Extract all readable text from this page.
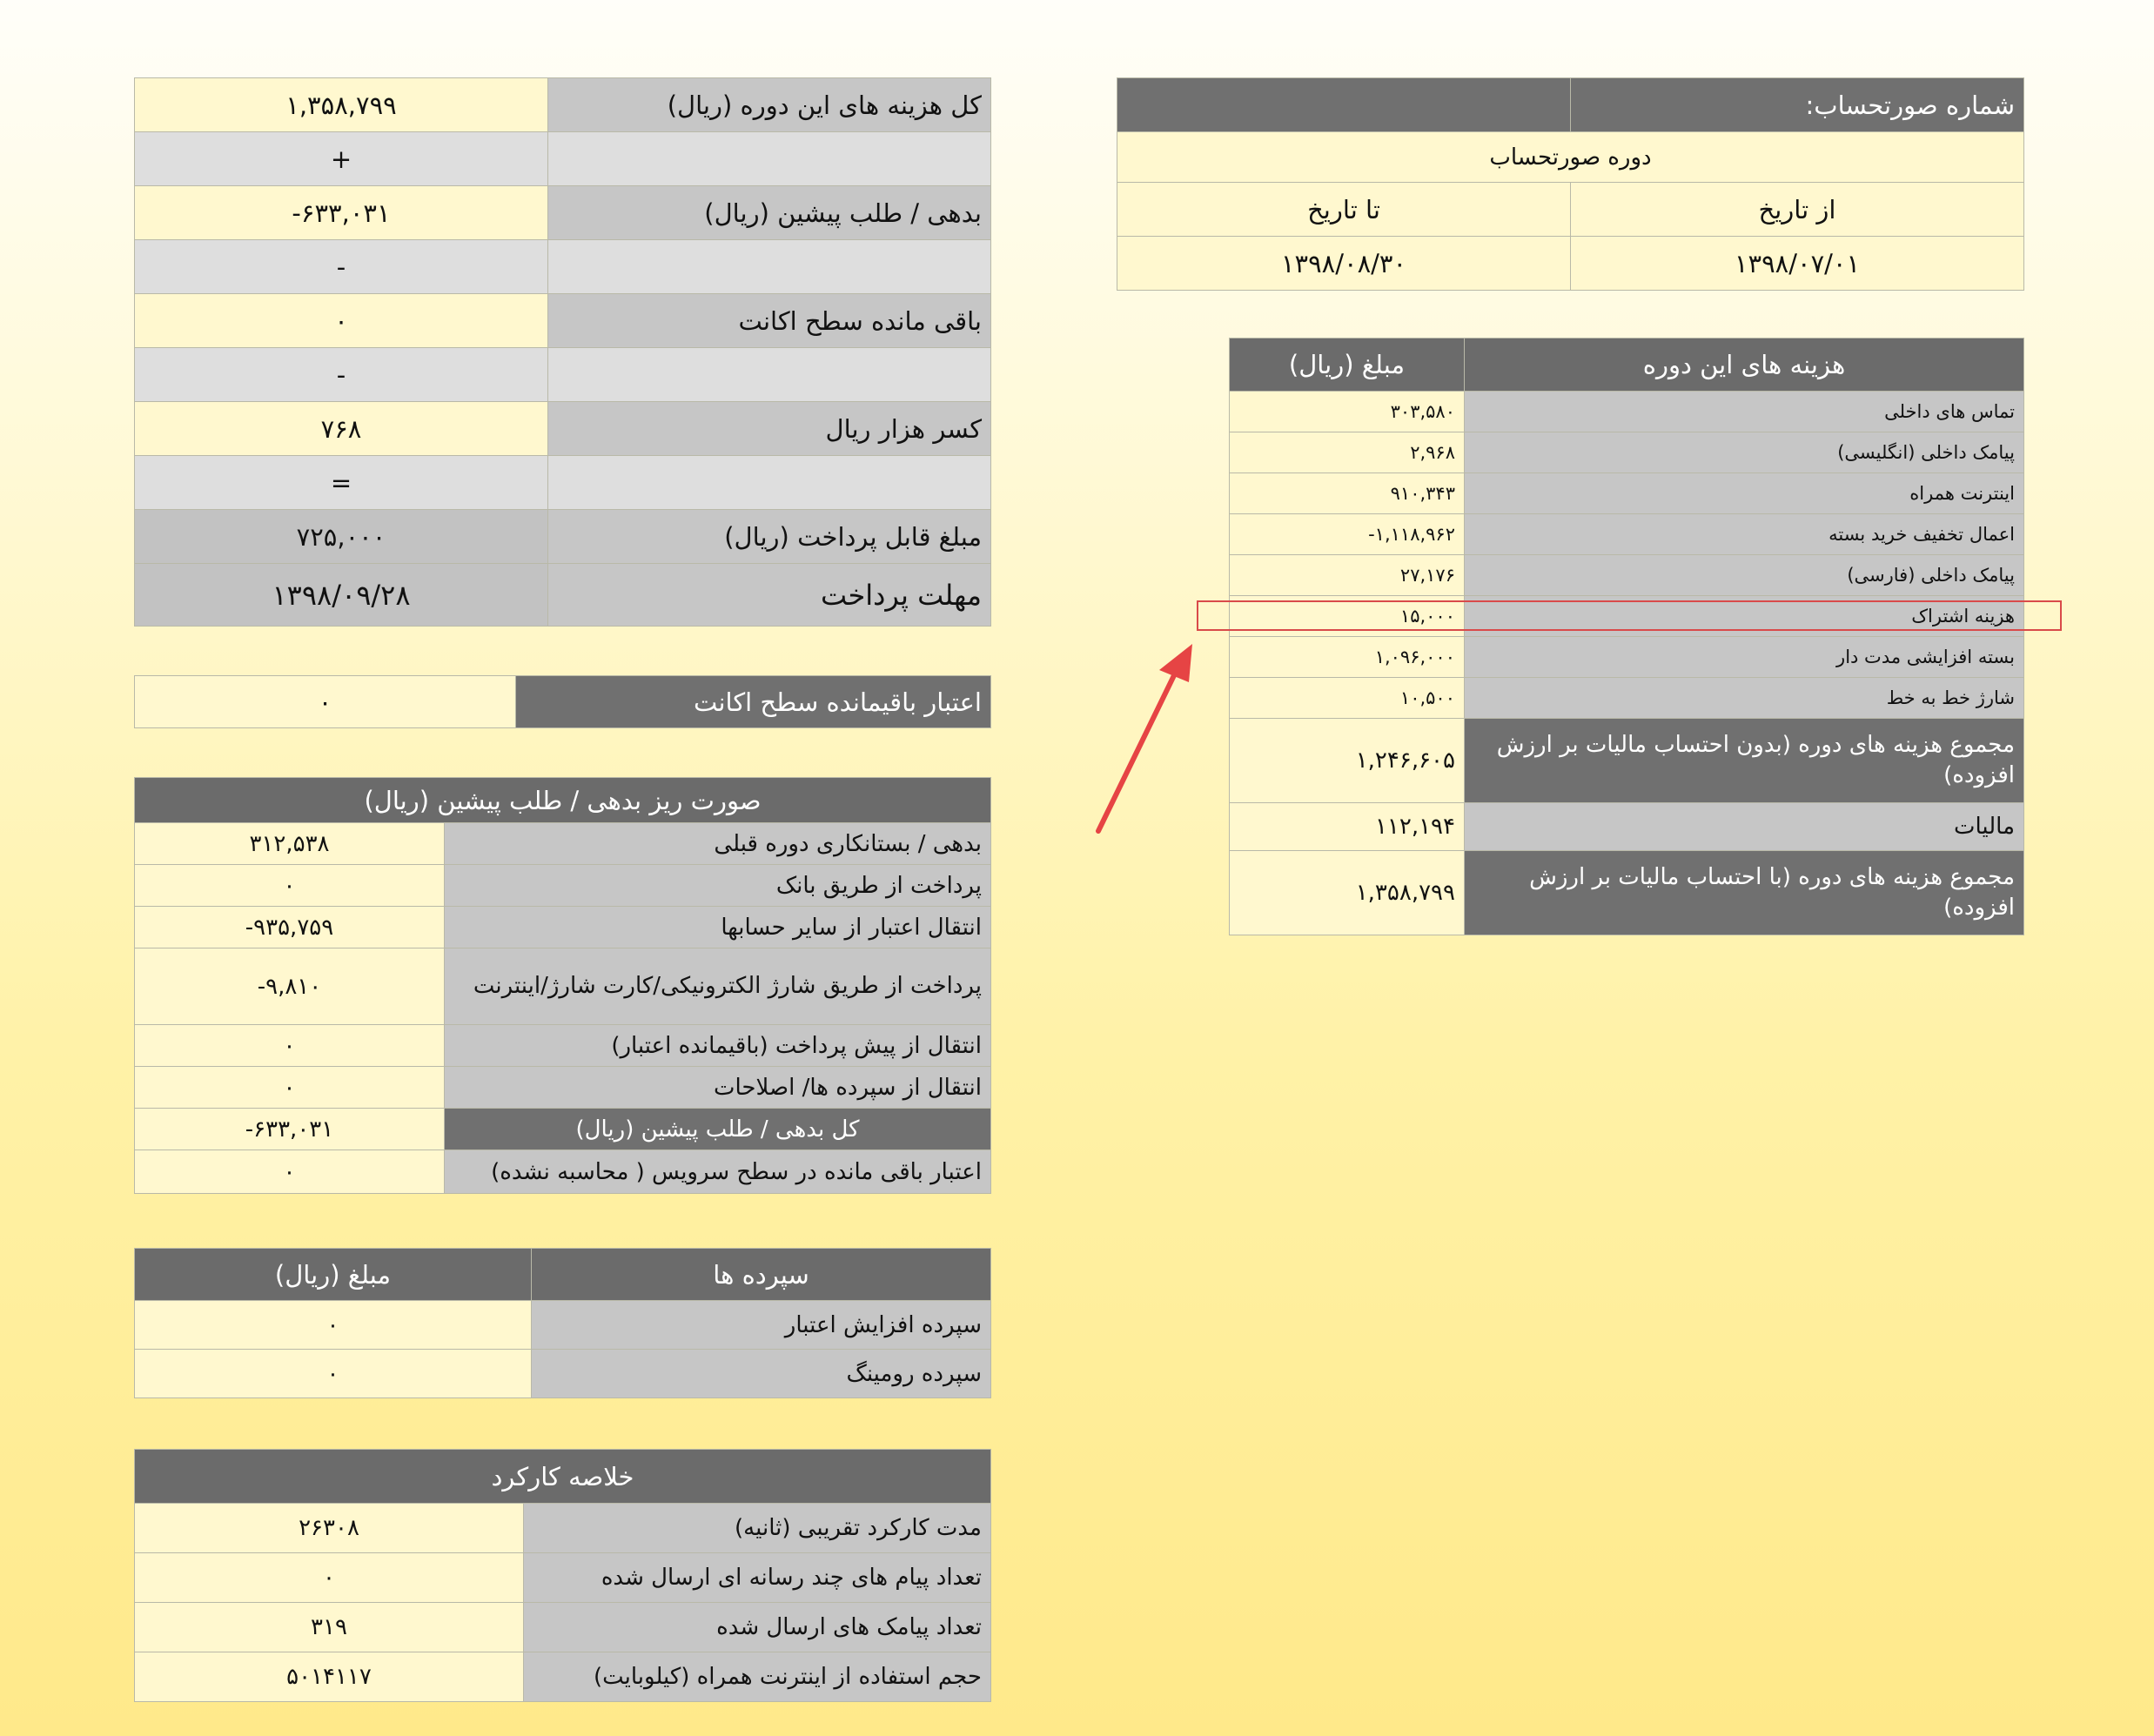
کل هزینه های این دوره (ریال)	۱,۳۵۸,۷۹۹
	+
بدهی / طلب پیشین (ریال)	-۶۳۳,۰۳۱
	-
باقی مانده سطح اکانت	۰
	-
کسر هزار ریال	۷۶۸
	=
مبلغ قابل پرداخت (ریال)	۷۲۵,۰۰۰
مهلت پرداخت	۱۳۹۸/۰۹/۲۸
اعتبار باقیمانده سطح اکانت	۰
صورت ریز بدهی / طلب پیشین (ریال)	
بدهی / بستانکاری دوره قبلی	۳۱۲,۵۳۸
پرداخت از طریق بانک	۰
انتقال اعتبار از سایر حسابها	-۹۳۵,۷۵۹
پرداخت از طریق شارژ الکترونیکی/کارت شارژ/اینترنت	-۹,۸۱۰
انتقال از پیش پرداخت (باقیمانده اعتبار)	۰
انتقال از سپرده ها/ اصلاحات	۰
کل بدهی / طلب پیشین (ریال)	-۶۳۳,۰۳۱
اعتبار باقی مانده در سطح سرویس ( محاسبه نشده)	۰
سپرده ها	مبلغ (ریال)
سپرده افزایش اعتبار	۰
سپرده رومینگ	۰
خلاصه کارکرد	
مدت کارکرد تقریبی (ثانیه)	۲۶۳۰۸
تعداد پیام های چند رسانه ای ارسال شده	۰
تعداد پیامک های ارسال شده	۳۱۹
حجم استفاده از اینترنت همراه (کیلوبایت)	۵۰۱۴۱۱۷
شماره صورتحساب:	
دوره صورتحساب	
از تاریخ	تا تاریخ
۱۳۹۸/۰۷/۰۱	۱۳۹۸/۰۸/۳۰
هزینه های این دوره	مبلغ (ریال)
تماس های داخلی	۳۰۳,۵۸۰
پیامک داخلی (انگلیسی)	۲,۹۶۸
اینترنت همراه	۹۱۰,۳۴۳
اعمال تخفیف خرید بسته	-۱,۱۱۸,۹۶۲
پیامک داخلی (فارسی)	۲۷,۱۷۶
هزینه اشتراک	۱۵,۰۰۰
بسته افزایشی مدت دار	۱,۰۹۶,۰۰۰
شارژ خط به خط	۱۰,۵۰۰
مجموع هزینه های دوره (بدون احتساب مالیات بر ارزش افزوده)	۱,۲۴۶,۶۰۵
مالیات	۱۱۲,۱۹۴
مجموع هزینه های دوره (با احتساب مالیات بر ارزش افزوده)	۱,۳۵۸,۷۹۹
